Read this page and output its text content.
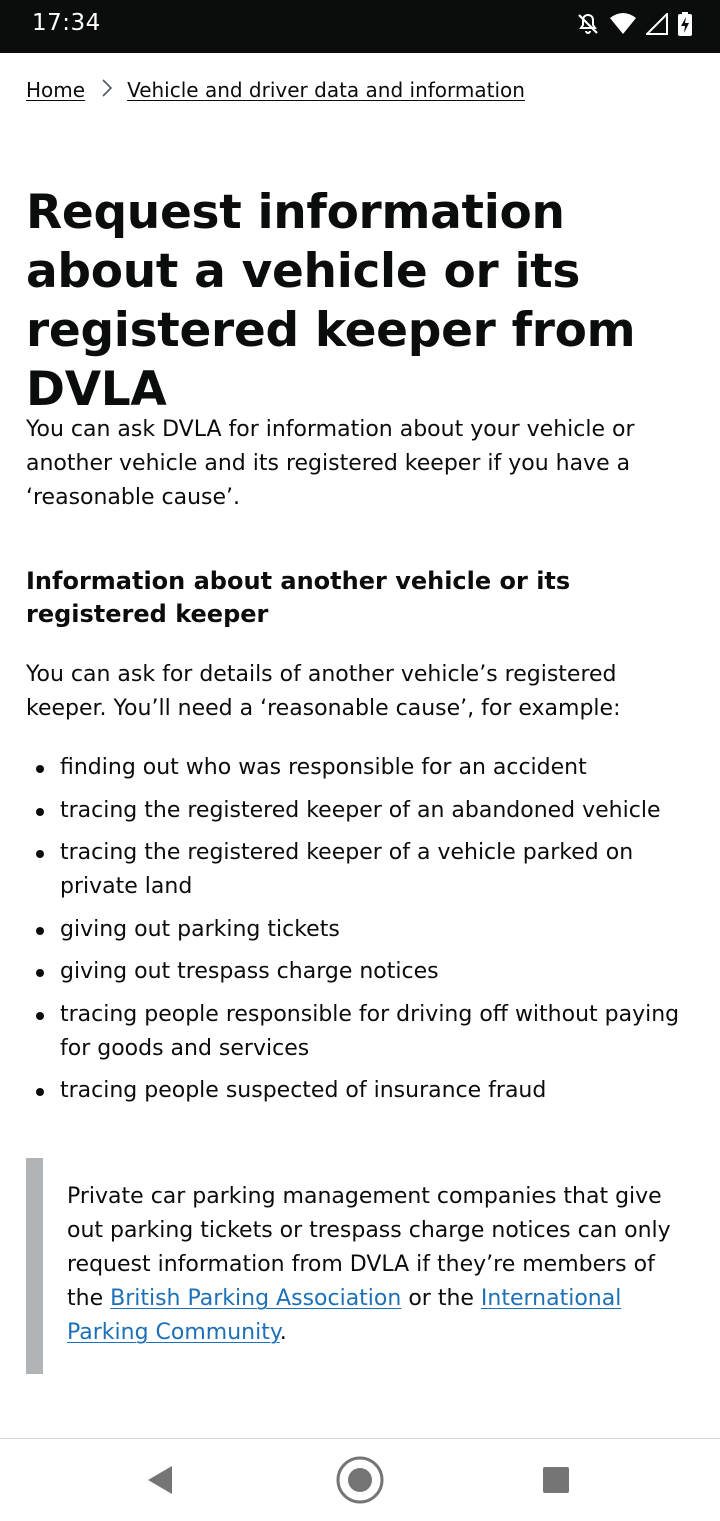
17:34
Home Vehicle and driver data and information
Request information about a vehicle or its registered keeper from DVLA

You can ask DVLA for information about your vehicle or another vehicle and its registered keeper if you have a ‘reasonable cause’.

Information about another vehicle or its registered keeper

You can ask for details of another vehicle’s registered keeper. You’ll need a ‘reasonable cause’, for example:

finding out who was responsible for an accident
tracing the registered keeper of an abandoned vehicle
tracing the registered keeper of a vehicle parked on private land
giving out parking tickets
giving out trespass charge notices
tracing people responsible for driving off without paying for goods and services
tracing people suspected of insurance fraud
Private car parking management companies that give out parking tickets or trespass charge notices can only request information from DVLA if they’re members of the British Parking Association or the International Parking Community.
